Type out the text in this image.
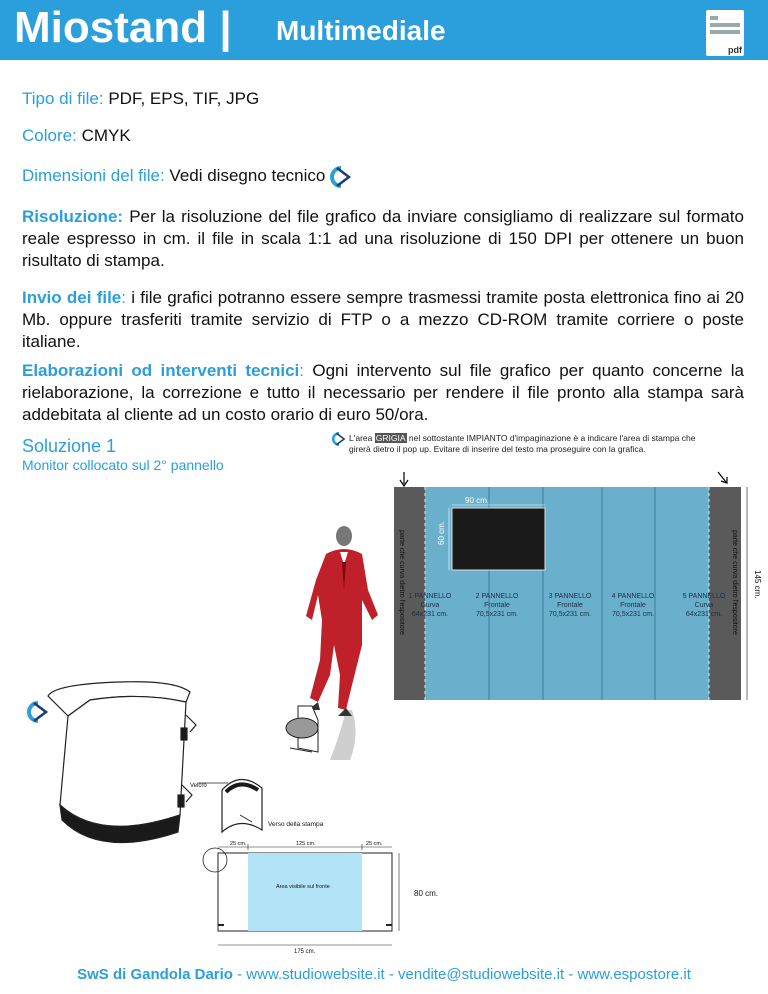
Miostand | Multimediale
pdf
Tipo di file: PDF, EPS, TIF, JPG
Colore: CMYK
Dimensioni del file: Vedi disegno tecnico
Risoluzione: Per la risoluzione del file grafico da inviare consigliamo di realizzare sul formato reale espresso in cm. il file in scala 1:1 ad una risoluzione di 150 DPI per ottenere un buon risultato di stampa.
Invio dei file: i file grafici potranno essere sempre trasmessi tramite posta elettronica fino ai 20 Mb. oppure trasferiti tramite servizio di FTP o a mezzo CD-ROM tramite corriere o poste italiane.
Elaborazioni od interventi tecnici: Ogni intervento sul file grafico per quanto concerne la rielaborazione, la correzione e tutto il necessario per rendere il file pronto alla stampa sarà addebitata al cliente ad un costo orario di euro 50/ora.
Soluzione 1
Monitor collocato sul 2° pannello
L'area GRIGIA nel sottostante IMPIANTO d'impaginazione è a indicare l'area di stampa che girerà dietro il pop up. Evitare di inserire del testo ma proseguire con la grafica.
90 cm.
60 cm.
parte che curva dietro l'espositore	parte che curva dietro l'espositore 145 cm.
1 PANNELLO
Curva
64x231 cm.
2 PANNELLO
Frontale
70,5x231 cm.
3 PANNELLO
Frontale
70,5x231 cm.
4 PANNELLO
Frontale
70,5x231 cm.
5 PANNELLO
Curva
64x231 cm.
Velcro
Verso della stampa
25 cm.	125 cm.	25 cm.
Area visibile sul fronte
80 cm.
175 cm.
SwS di Gandola Dario - www.studiowebsite.it - vendite@studiowebsite.it - www.espostore.it
